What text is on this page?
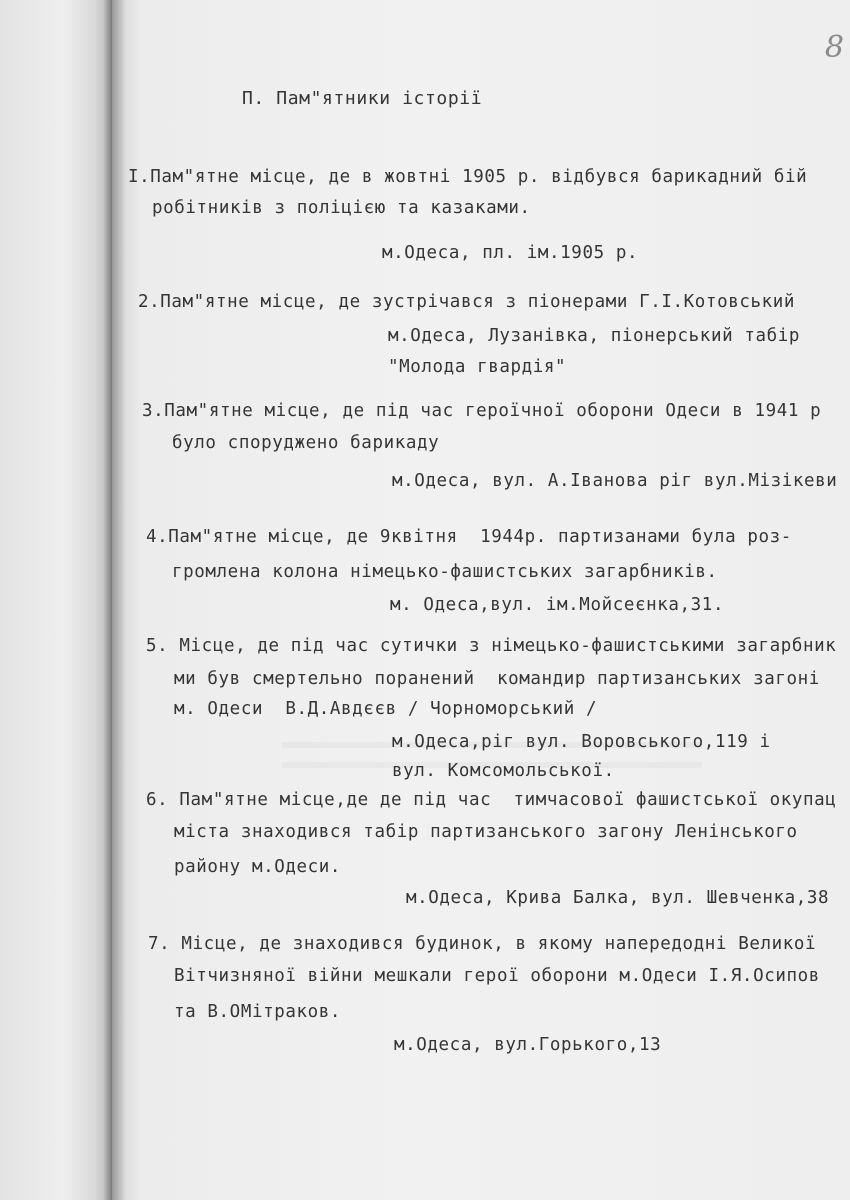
8
П. Пам"ятники історії
І.Пам"ятне місце, де в жовтні 1905 р. відбувся барикадний бій
робітників з поліцією та казаками.
м.Одеса, пл. ім.1905 р.
2.Пам"ятне місце, де зустрічався з піонерами Г.І.Котовський
м.Одеса, Лузанівка, піонерський табір
"Молода гвардія"
3.Пам"ятне місце, де під час героїчної оборони Одеси в 1941 р
було споруджено барикаду
м.Одеса, вул. А.Іванова ріг вул.Мізікеви
4.Пам"ятне місце, де 9квітня  1944р. партизанами була роз-
громлена колона німецько-фашистських загарбників.
м. Одеса,вул. ім.Мойсеєнка,31.
5. Місце, де під час сутички з німецько-фашистськими загарбник
ми був смертельно поранений  командир партизанських загоні
м. Одеси  В.Д.Авдєєв / Чорноморський /
м.Одеса,ріг вул. Воровського,119 і
вул. Комсомольської.
6. Пам"ятне місце,де де під час  тимчасової фашистської окупац
міста знаходився табір партизанського загону Ленінського
району м.Одеси.
м.Одеса, Крива Балка, вул. Шевченка,38
7. Місце, де знаходився будинок, в якому напередодні Великої
Вітчизняної війни мешкали герої оборони м.Одеси І.Я.Осипов
та В.ОМітраков.
м.Одеса, вул.Горького,13
